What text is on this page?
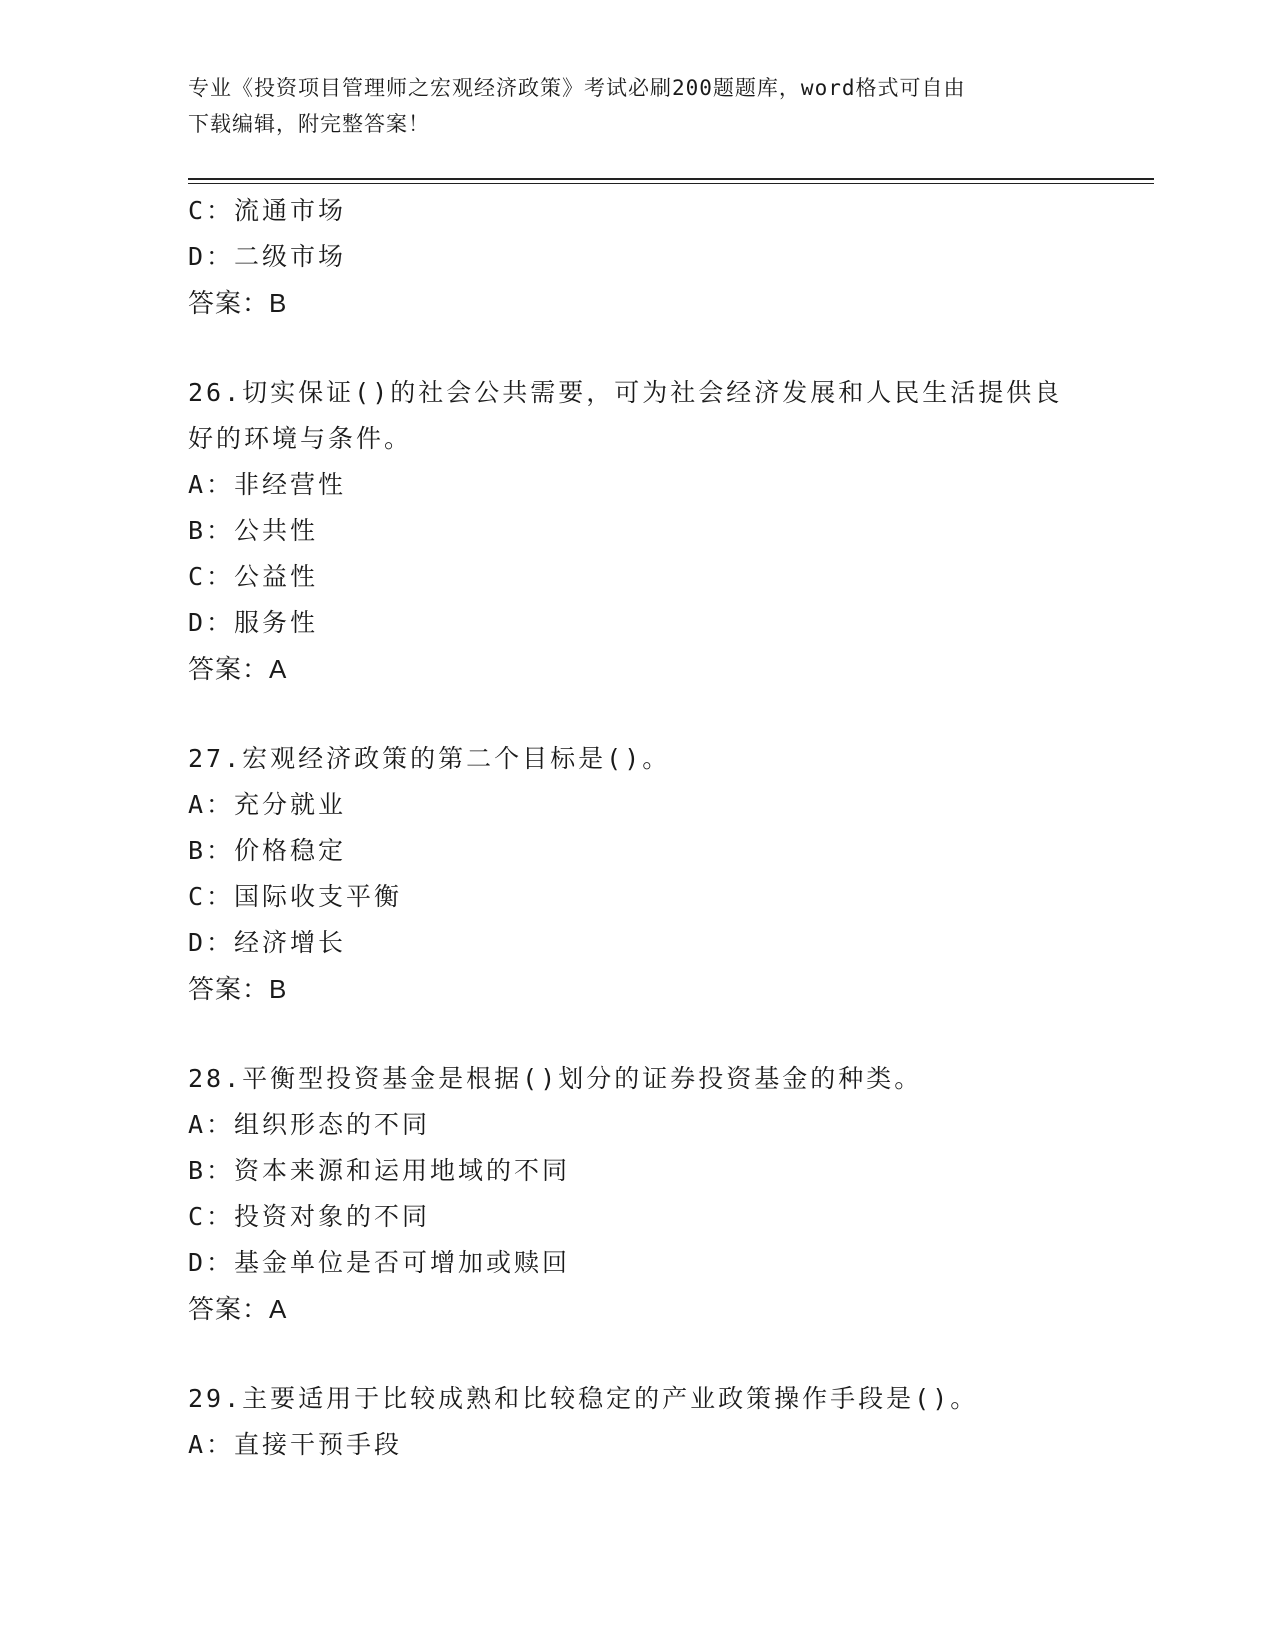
专业《投资项目管理师之宏观经济政策》考试必刷200题题库，word格式可自由
下载编辑，附完整答案！
C：流通市场
D：二级市场
答案：B
26.切实保证()的社会公共需要，可为社会经济发展和人民生活提供良
好的环境与条件。
A：非经营性
B：公共性
C：公益性
D：服务性
答案：A
27.宏观经济政策的第二个目标是()。
A：充分就业
B：价格稳定
C：国际收支平衡
D：经济增长
答案：B
28.平衡型投资基金是根据()划分的证券投资基金的种类。
A：组织形态的不同
B：资本来源和运用地域的不同
C：投资对象的不同
D：基金单位是否可增加或赎回
答案：A
29.主要适用于比较成熟和比较稳定的产业政策操作手段是()。
A：直接干预手段
